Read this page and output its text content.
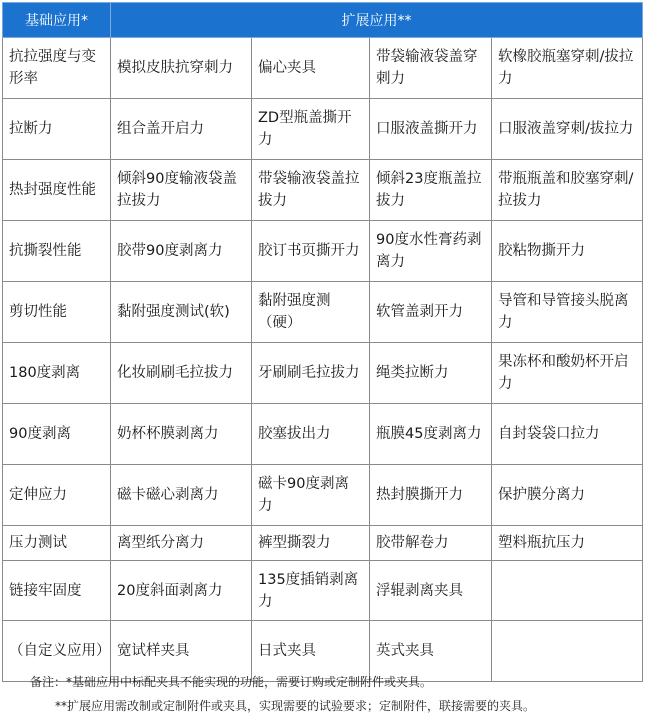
基础应用*	扩展应用**			
抗拉强度与变形率	模拟皮肤抗穿刺力	偏心夹具	带袋输液袋盖穿刺力	软橡胶瓶塞穿刺/拔拉力
拉断力	组合盖开启力	ZD型瓶盖撕开力	口服液盖撕开力	口服液盖穿刺/拔拉力
热封强度性能	倾斜90度输液袋盖拉拔力	带袋输液袋盖拉拔力	倾斜23度瓶盖拉拔力	带瓶瓶盖和胶塞穿刺/拉拔力
抗撕裂性能	胶带90度剥离力	胶订书页撕开力	90度水性膏药剥离力	胶粘物撕开力
剪切性能	黏附强度测试(软)	黏附强度测（硬）	软管盖剥开力	导管和导管接头脱离力
180度剥离	化妆刷刷毛拉拔力	牙刷刷毛拉拔力	绳类拉断力	果冻杯和酸奶杯开启力
90度剥离	奶杯杯膜剥离力	胶塞拔出力	瓶膜45度剥离力	自封袋袋口拉力
定伸应力	磁卡磁心剥离力	磁卡90度剥离力	热封膜撕开力	保护膜分离力
压力测试	离型纸分离力	裤型撕裂力	胶带解卷力	塑料瓶抗压力
链接牢固度	20度斜面剥离力	135度插销剥离力	浮辊剥离夹具	
（自定义应用）	宽试样夹具	日式夹具	英式夹具	
备注：*基础应用中标配夹具不能实现的功能，需要订购或定制附件或夹具。
**扩展应用需改制或定制附件或夹具，实现需要的试验要求；定制附件，联接需要的夹具。
